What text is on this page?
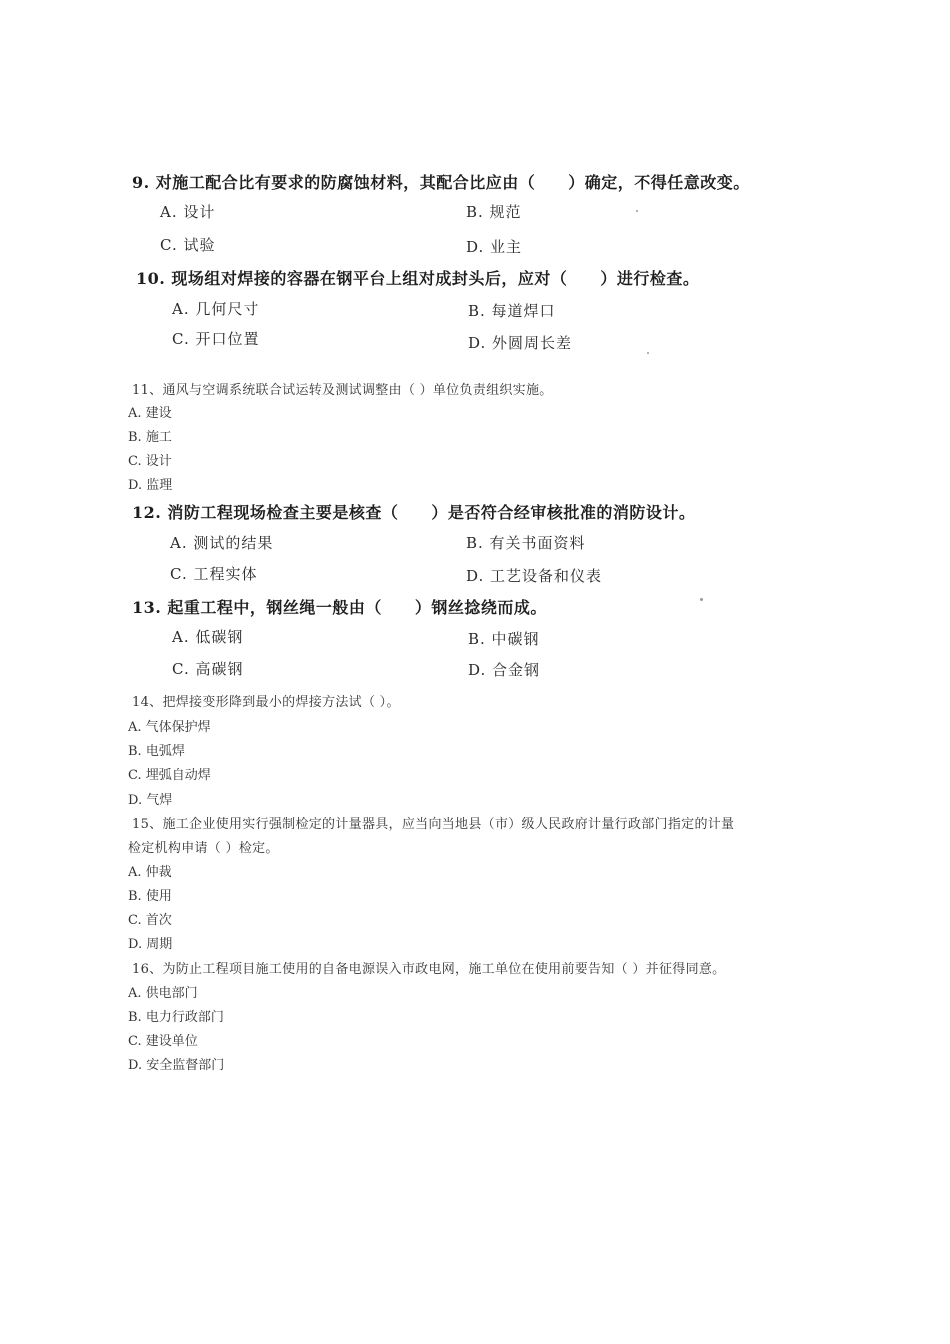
9. 对施工配合比有要求的防腐蚀材料，其配合比应由（　　）确定，不得任意改变。
A. 设计	B. 规范
C. 试验	D. 业主
10. 现场组对焊接的容器在钢平台上组对成封头后，应对（　　）进行检查。
A. 几何尺寸	B. 每道焊口
C. 开口位置	D. 外圆周长差
11、通风与空调系统联合试运转及测试调整由（ ）单位负责组织实施。
A. 建设
B. 施工
C. 设计
D. 监理
12. 消防工程现场检查主要是核查（　　）是否符合经审核批准的消防设计。
A. 测试的结果	B. 有关书面资料
C. 工程实体	D. 工艺设备和仪表
13. 起重工程中，钢丝绳一般由（　　）钢丝捻绕而成。
A. 低碳钢	B. 中碳钢
C. 高碳钢	D. 合金钢
14、把焊接变形降到最小的焊接方法试（ ）。
A. 气体保护焊
B. 电弧焊
C. 埋弧自动焊
D. 气焊
15、施工企业使用实行强制检定的计量器具，应当向当地县（市）级人民政府计量行政部门指定的计量
检定机构申请（ ）检定。
A. 仲裁
B. 使用
C. 首次
D. 周期
16、为防止工程项目施工使用的自备电源误入市政电网，施工单位在使用前要告知（ ）并征得同意。
A. 供电部门
B. 电力行政部门
C. 建设单位
D. 安全监督部门
